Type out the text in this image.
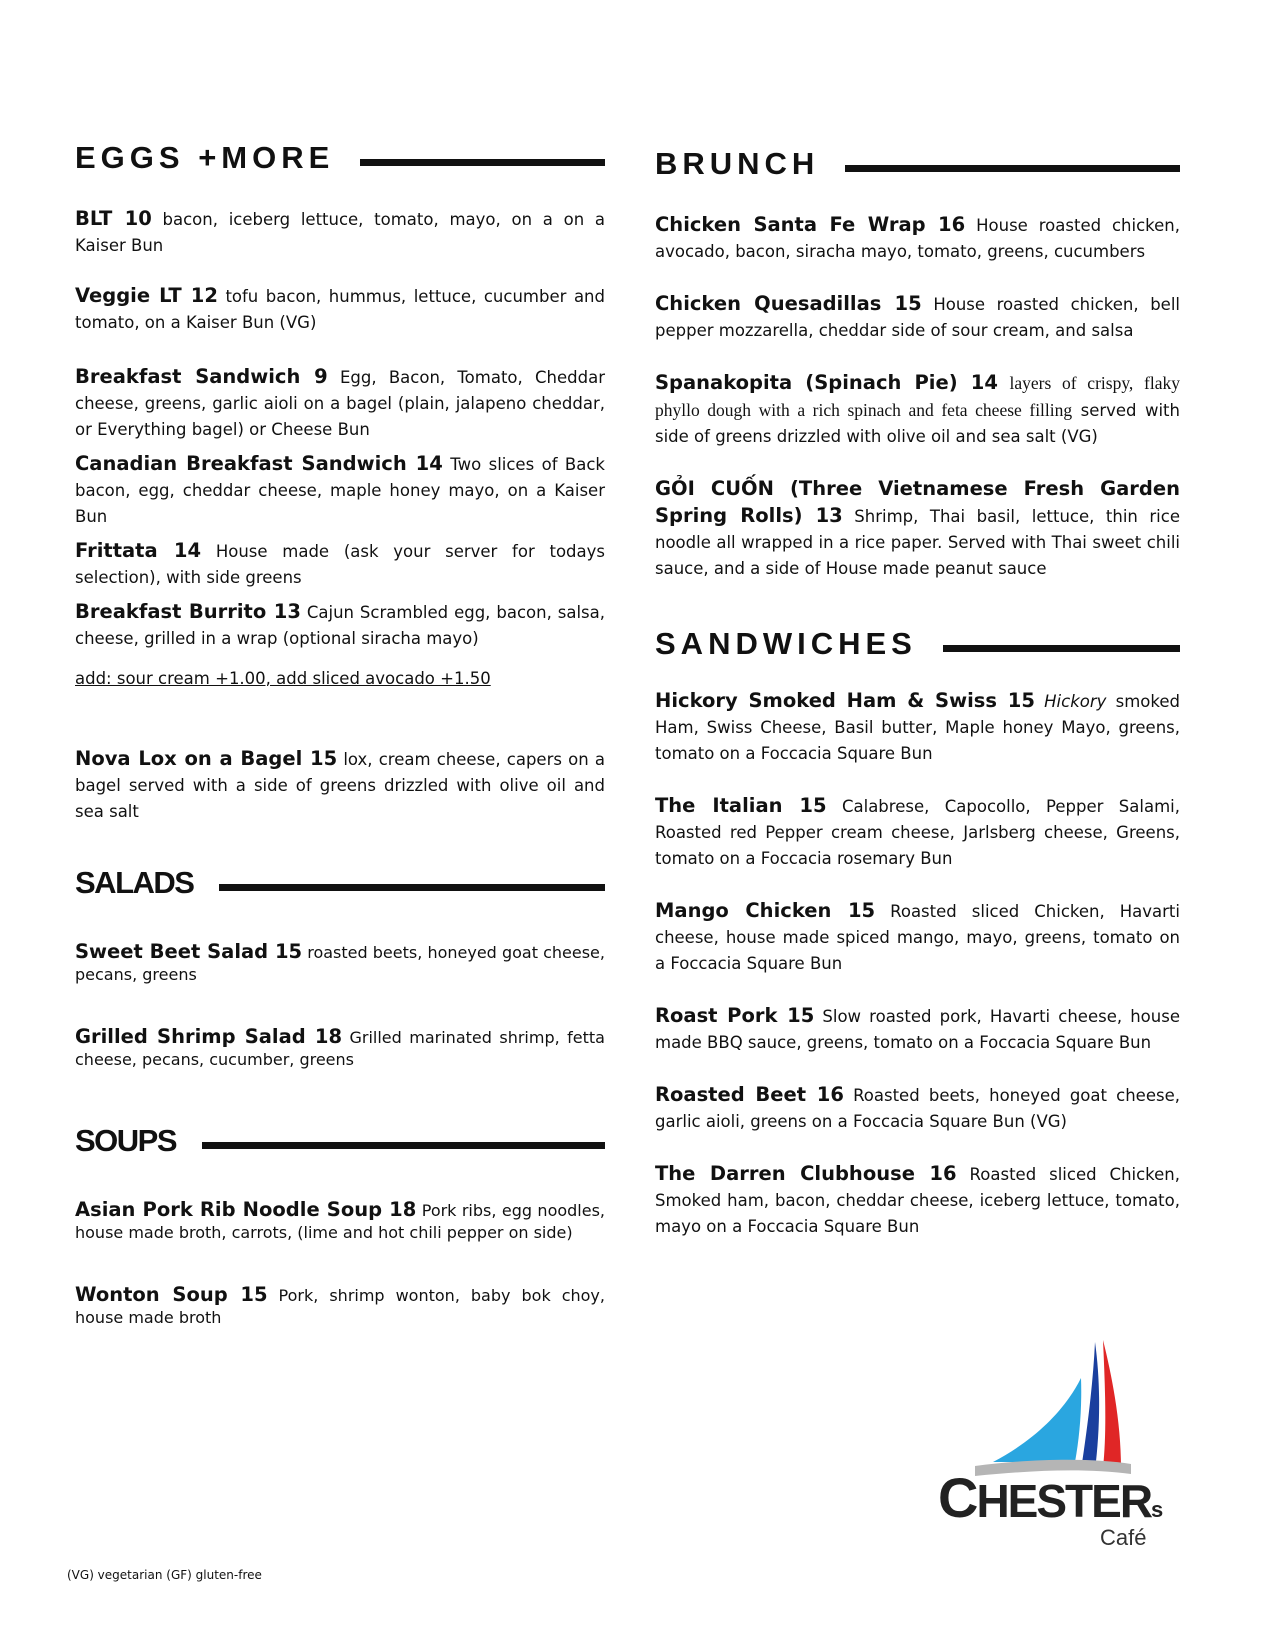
EGGS +MORE
BLT 10 bacon, iceberg lettuce, tomato, mayo, on a on a Kaiser Bun
Veggie LT 12 tofu bacon, hummus, lettuce, cucumber and tomato, on a Kaiser Bun (VG)
Breakfast Sandwich 9 Egg, Bacon, Tomato, Cheddar cheese, greens, garlic aioli on a bagel (plain, jalapeno cheddar, or Everything bagel) or Cheese Bun
Canadian Breakfast Sandwich 14 Two slices of Back bacon, egg, cheddar cheese, maple honey mayo, on a Kaiser Bun
Frittata 14 House made (ask your server for todays selection), with side greens
Breakfast Burrito 13 Cajun Scrambled egg, bacon, salsa, cheese, grilled in a wrap (optional siracha mayo)
add: sour cream +1.00, add sliced avocado +1.50
Nova Lox on a Bagel 15 lox, cream cheese, capers on a bagel served with a side of greens drizzled with olive oil and sea salt
SALADS
Sweet Beet Salad 15 roasted beets, honeyed goat cheese, pecans, greens
Grilled Shrimp Salad 18 Grilled marinated shrimp, fetta cheese, pecans, cucumber, greens
SOUPS
Asian Pork Rib Noodle Soup 18 Pork ribs, egg noodles, house made broth, carrots, (lime and hot chili pepper on side)
Wonton Soup 15 Pork, shrimp wonton, baby bok choy, house made broth
BRUNCH
Chicken Santa Fe Wrap 16 House roasted chicken, avocado, bacon, siracha mayo, tomato, greens, cucumbers
Chicken Quesadillas 15 House roasted chicken, bell pepper mozzarella, cheddar side of sour cream, and salsa
Spanakopita (Spinach Pie) 14 layers of crispy, flaky phyllo dough with a rich spinach and feta cheese filling served with side of greens drizzled with olive oil and sea salt (VG)
GỎI CUỐN (Three Vietnamese Fresh Garden Spring Rolls) 13 Shrimp, Thai basil, lettuce, thin rice noodle all wrapped in a rice paper. Served with Thai sweet chili sauce, and a side of House made peanut sauce
SANDWICHES
Hickory Smoked Ham & Swiss 15 Hickory smoked Ham, Swiss Cheese, Basil butter, Maple honey Mayo, greens, tomato on a Foccacia Square Bun
The Italian 15 Calabrese, Capocollo, Pepper Salami, Roasted red Pepper cream cheese, Jarlsberg cheese, Greens, tomato on a Foccacia rosemary Bun
Mango Chicken 15 Roasted sliced Chicken, Havarti cheese, house made spiced mango, mayo, greens, tomato on a Foccacia Square Bun
Roast Pork 15 Slow roasted pork, Havarti cheese, house made BBQ sauce, greens, tomato on a Foccacia Square Bun
Roasted Beet 16 Roasted beets, honeyed goat cheese, garlic aioli, greens on a Foccacia Square Bun (VG)
The Darren Clubhouse 16 Roasted sliced Chicken, Smoked ham, bacon, cheddar cheese, iceberg lettuce, tomato, mayo on a Foccacia Square Bun
CHESTERs
Café
(VG) vegetarian (GF) gluten-free
